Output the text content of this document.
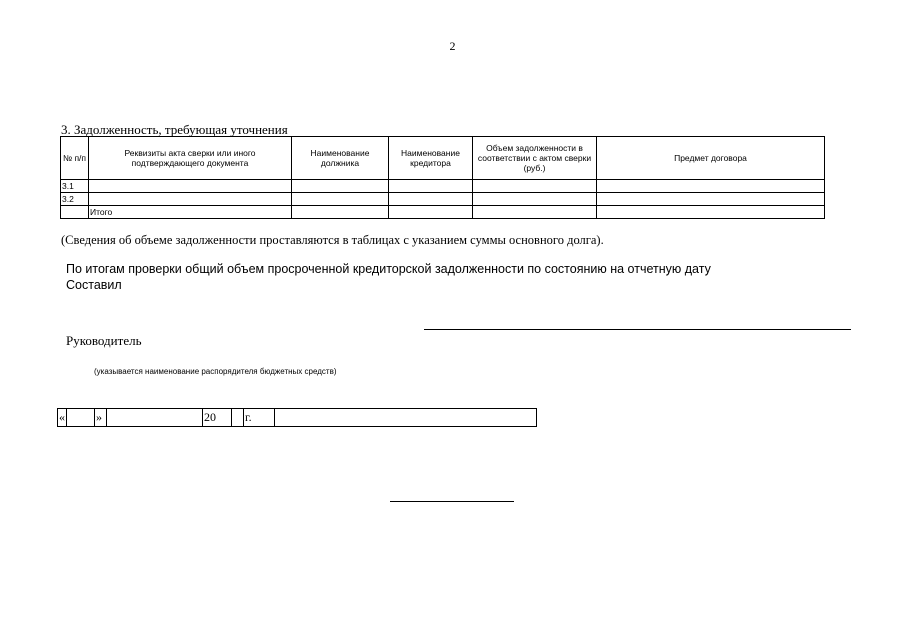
2
3. Задолженность, требующая уточнения
№ п/п	Реквизиты акта сверки или иного подтверждающего документа	Наименование должника	Наименование кредитора	Объем задолженности в соответствии с актом сверки (руб.)	Предмет договора
3.1					
3.2					
	Итого				
(Сведения об объеме задолженности проставляются в таблицах с указанием суммы основного долга).
По итогам проверки общий объем просроченной кредиторской задолженности по состоянию на отчетную дату
Составил
Руководитель
(указывается наименование распорядителя бюджетных средств)
«		»		20		г.	
